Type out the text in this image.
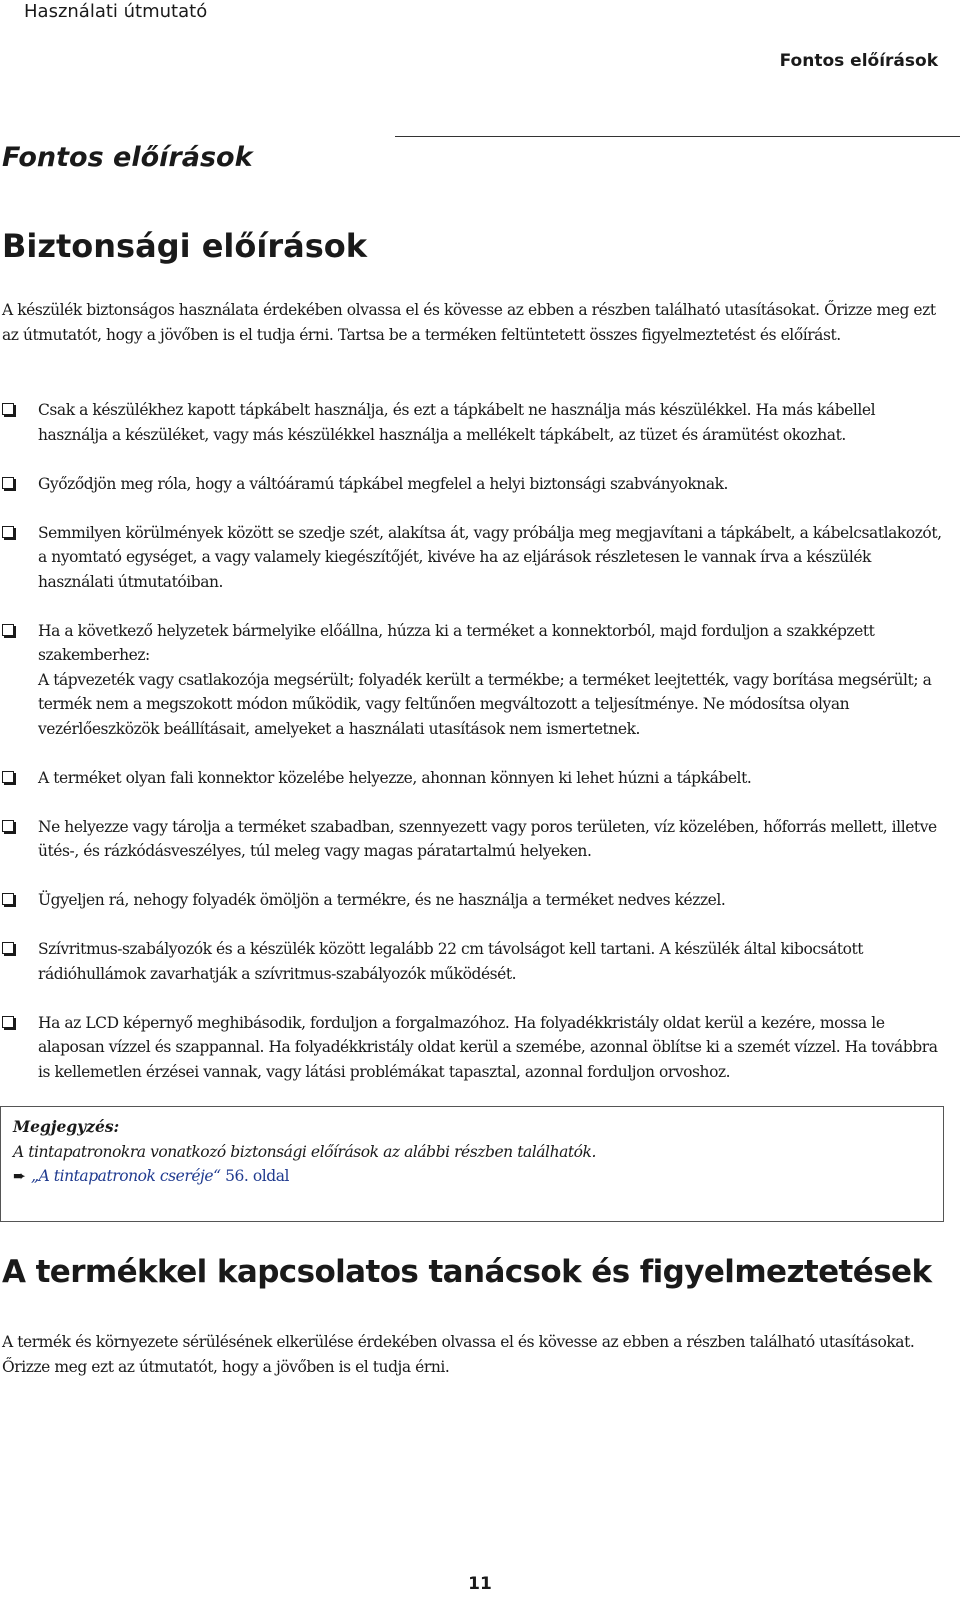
Használati útmutató
Fontos előírások
Fontos előírások
Biztonsági előírások

A készülék biztonságos használata érdekében olvassa el és kövesse az ebben a részben található utasításokat. Őrizze meg ezt az útmutatót, hogy a jövőben is el tudja érni. Tartsa be a terméken feltüntetett összes figyelmeztetést és előírást.

Csak a készülékhez kapott tápkábelt használja, és ezt a tápkábelt ne használja más készülékkel. Ha más kábellel használja a készüléket, vagy más készülékkel használja a mellékelt tápkábelt, az tüzet és áramütést okozhat.
Győződjön meg róla, hogy a váltóáramú tápkábel megfelel a helyi biztonsági szabványoknak.
Semmilyen körülmények között se szedje szét, alakítsa át, vagy próbálja meg megjavítani a tápkábelt, a kábelcsatlakozót, a nyomtató egységet, a vagy valamely kiegészítőjét, kivéve ha az eljárások részletesen le vannak írva a készülék használati útmutatóiban.
Ha a következő helyzetek bármelyike előállna, húzza ki a terméket a konnektorból, majd forduljon a szakképzett szakemberhez:
A tápvezeték vagy csatlakozója megsérült; folyadék került a termékbe; a terméket leejtették, vagy borítása megsérült; a termék nem a megszokott módon működik, vagy feltűnően megváltozott a teljesítménye. Ne módosítsa olyan vezérlőeszközök beállításait, amelyeket a használati utasítások nem ismertetnek.
A terméket olyan fali konnektor közelébe helyezze, ahonnan könnyen ki lehet húzni a tápkábelt.
Ne helyezze vagy tárolja a terméket szabadban, szennyezett vagy poros területen, víz közelében, hőforrás mellett, illetve ütés-, és rázkódásveszélyes, túl meleg vagy magas páratartalmú helyeken.
Ügyeljen rá, nehogy folyadék ömöljön a termékre, és ne használja a terméket nedves kézzel.
Szívritmus-szabályozók és a készülék között legalább 22 cm távolságot kell tartani. A készülék által kibocsátott rádióhullámok zavarhatják a szívritmus-szabályozók működését.
Ha az LCD képernyő meghibásodik, forduljon a forgalmazóhoz. Ha folyadékkristály oldat kerül a kezére, mossa le alaposan vízzel és szappannal. Ha folyadékkristály oldat kerül a szemébe, azonnal öblítse ki a szemét vízzel. Ha továbbra is kellemetlen érzései vannak, vagy látási problémákat tapasztal, azonnal forduljon orvoshoz.
Megjegyzés:
A tintapatronokra vonatkozó biztonsági előírások az alábbi részben találhatók.
➨ „A tintapatronok cseréje“ 56. oldal
A termékkel kapcsolatos tanácsok és figyelmeztetések

A termék és környezete sérülésének elkerülése érdekében olvassa el és kövesse az ebben a részben található utasításokat. Őrizze meg ezt az útmutatót, hogy a jövőben is el tudja érni.

11
